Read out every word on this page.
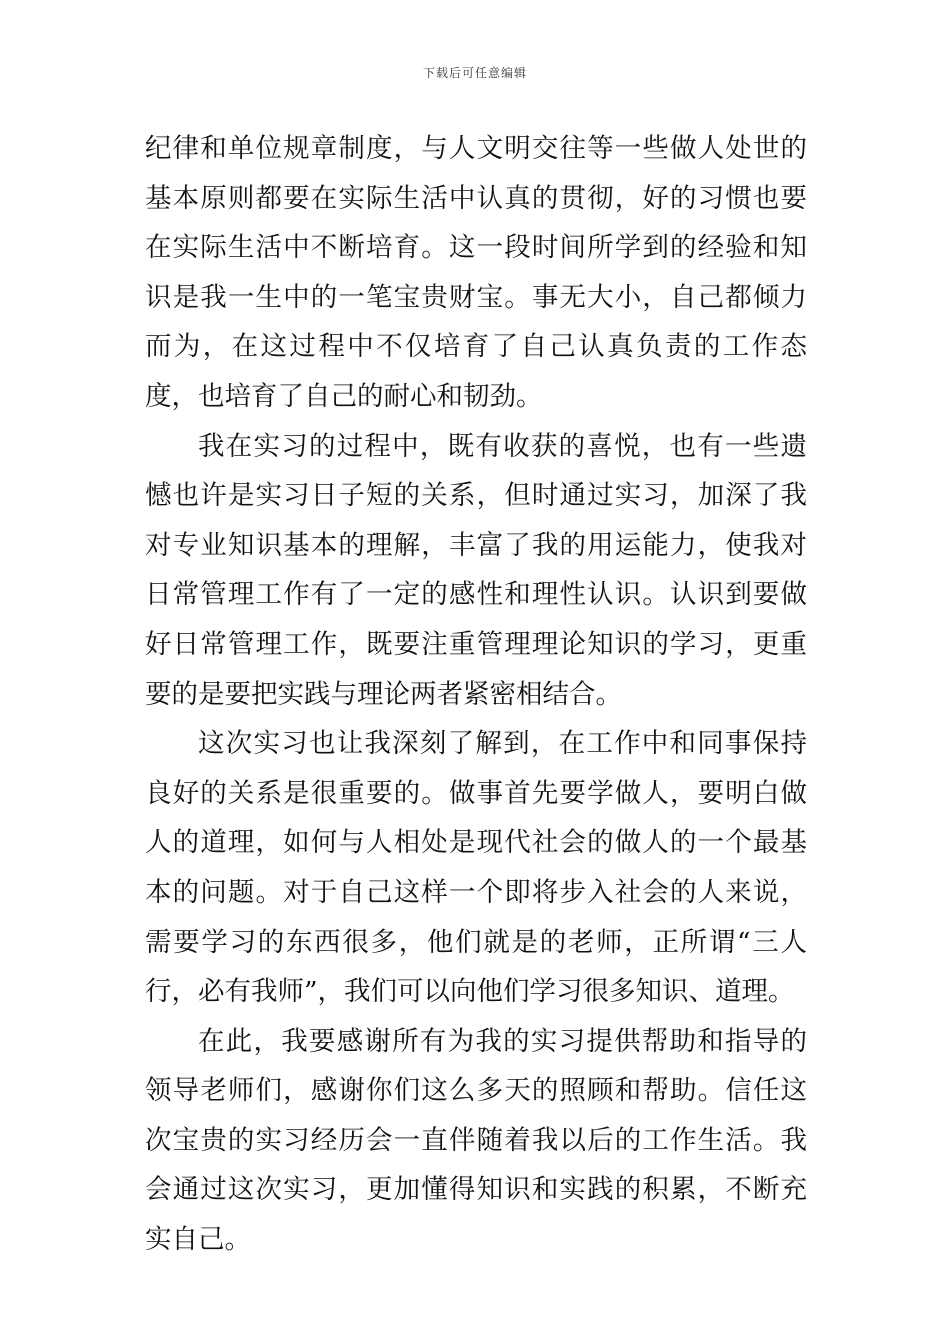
下载后可任意编辑

纪律和单位规章制度，与人文明交往等一些做人处世的基本原则都要在实际生活中认真的贯彻，好的习惯也要在实际生活中不断培育。这一段时间所学到的经验和知识是我一生中的一笔宝贵财宝。事无大小，自己都倾力而为，在这过程中不仅培育了自己认真负责的工作态度，也培育了自己的耐心和韧劲。

我在实习的过程中，既有收获的喜悦，也有一些遗憾也许是实习日子短的关系，但时通过实习，加深了我对专业知识基本的理解，丰富了我的用运能力，使我对日常管理工作有了一定的感性和理性认识。认识到要做好日常管理工作，既要注重管理理论知识的学习，更重要的是要把实践与理论两者紧密相结合。

这次实习也让我深刻了解到，在工作中和同事保持良好的关系是很重要的。做事首先要学做人，要明白做人的道理，如何与人相处是现代社会的做人的一个最基本的问题。对于自己这样一个即将步入社会的人来说，需要学习的东西很多，他们就是的老师，正所谓“三人行，必有我师”，我们可以向他们学习很多知识、道理。

在此，我要感谢所有为我的实习提供帮助和指导的领导老师们，感谢你们这么多天的照顾和帮助。信任这次宝贵的实习经历会一直伴随着我以后的工作生活。我会通过这次实习，更加懂得知识和实践的积累，不断充实自己。
